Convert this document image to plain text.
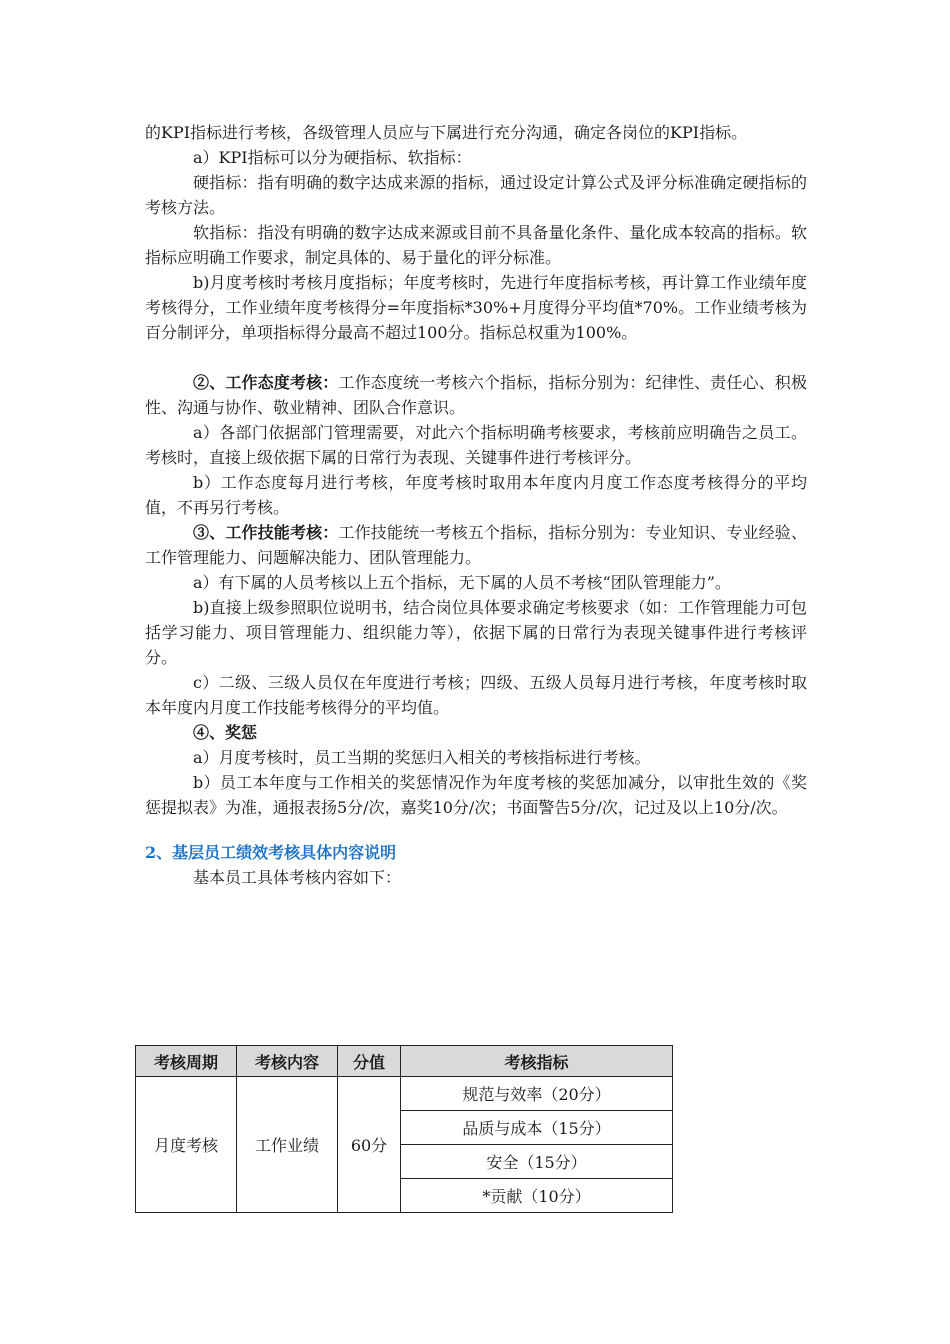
的KPI指标进行考核，各级管理人员应与下属进行充分沟通，确定各岗位的KPI指标。

a）KPI指标可以分为硬指标、软指标：

硬指标：指有明确的数字达成来源的指标，通过设定计算公式及评分标准确定硬指标的考核方法。

软指标：指没有明确的数字达成来源或目前不具备量化条件、量化成本较高的指标。软指标应明确工作要求，制定具体的、易于量化的评分标准。

b)月度考核时考核月度指标；年度考核时，先进行年度指标考核，再计算工作业绩年度考核得分，工作业绩年度考核得分=年度指标*30%+月度得分平均值*70%。工作业绩考核为百分制评分，单项指标得分最高不超过100分。指标总权重为100%。

②、工作态度考核：工作态度统一考核六个指标，指标分别为：纪律性、责任心、积极性、沟通与协作、敬业精神、团队合作意识。

a）各部门依据部门管理需要，对此六个指标明确考核要求，考核前应明确告之员工。考核时，直接上级依据下属的日常行为表现、关键事件进行考核评分。

b）工作态度每月进行考核，年度考核时取用本年度内月度工作态度考核得分的平均值，不再另行考核。

③、工作技能考核：工作技能统一考核五个指标，指标分别为：专业知识、专业经验、工作管理能力、问题解决能力、团队管理能力。

a）有下属的人员考核以上五个指标，无下属的人员不考核“团队管理能力”。

b)直接上级参照职位说明书，结合岗位具体要求确定考核要求（如：工作管理能力可包括学习能力、项目管理能力、组织能力等），依据下属的日常行为表现关键事件进行考核评分。

c）二级、三级人员仅在年度进行考核；四级、五级人员每月进行考核，年度考核时取本年度内月度工作技能考核得分的平均值。

④、奖惩

a）月度考核时，员工当期的奖惩归入相关的考核指标进行考核。

b）员工本年度与工作相关的奖惩情况作为年度考核的奖惩加减分，以审批生效的《奖惩提拟表》为准，通报表扬5分/次，嘉奖10分/次；书面警告5分/次，记过及以上10分/次。

2、基层员工绩效考核具体内容说明

基本员工具体考核内容如下：

考核周期	考核内容	分值	考核指标
月度考核	工作业绩	60分	规范与效率（20分）
			品质与成本（15分）
			安全（15分）
			*贡献（10分）
